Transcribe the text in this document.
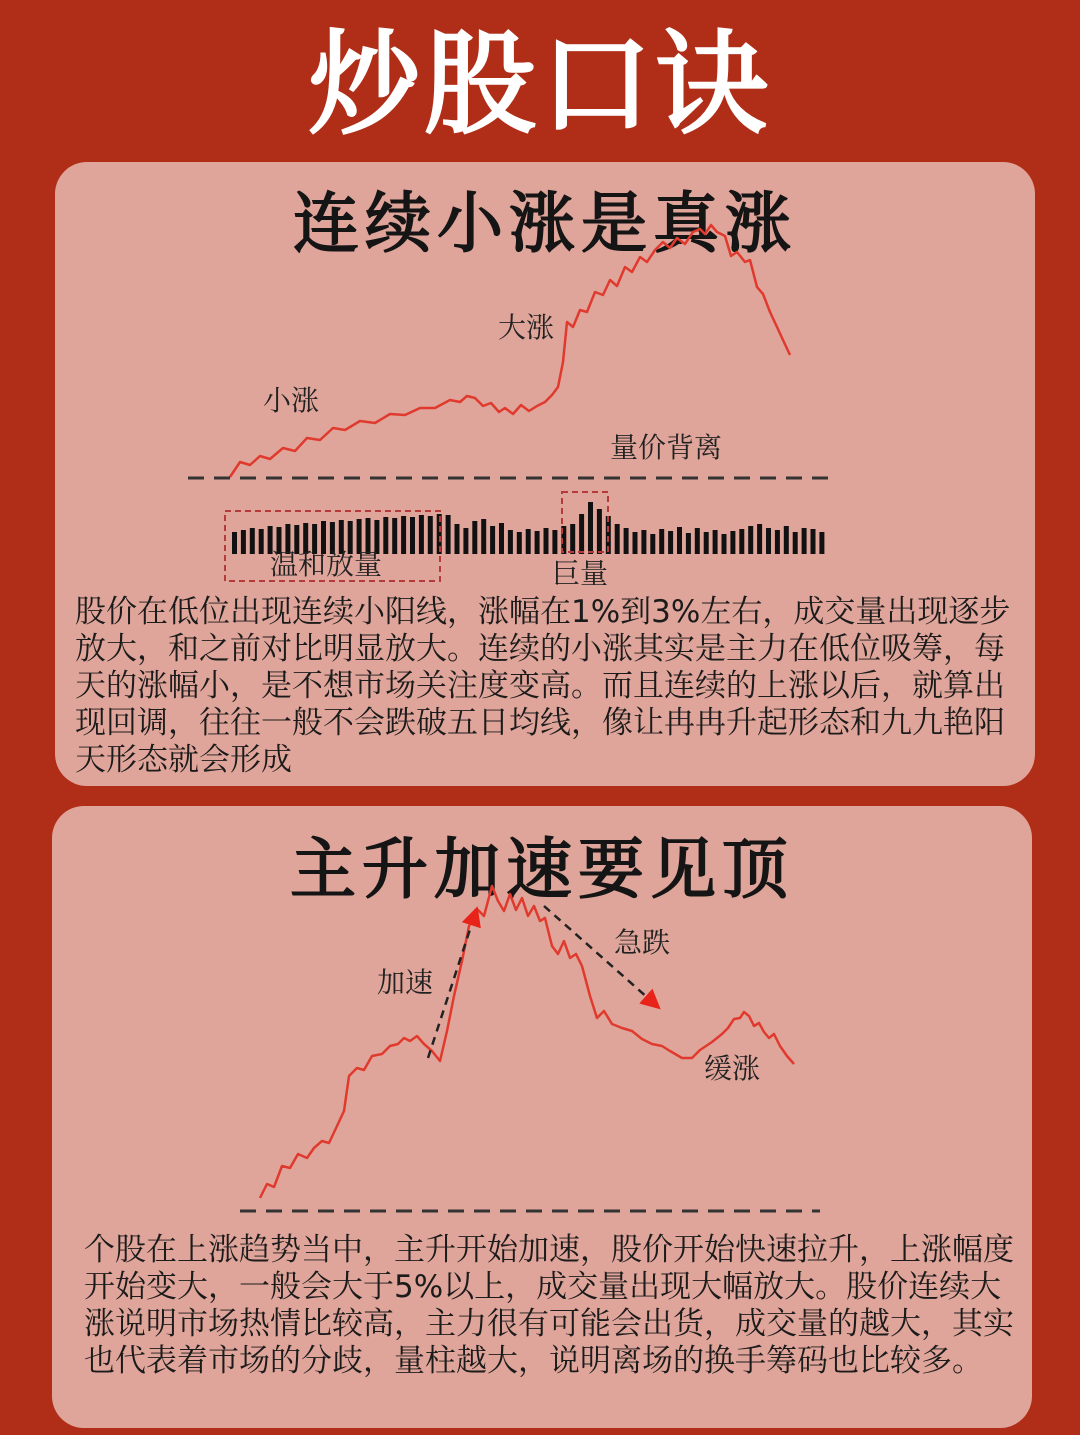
炒股口诀
连续小涨是真涨
小涨
大涨
量价背离
温和放量	巨量

股价在低位出现连续小阳线，涨幅在1%到3%左右，成交量出现逐步放大，和之前对比明显放大。连续的小涨其实是主力在低位吸筹，每天的涨幅小，是不想市场关注度变高。而且连续的上涨以后，就算出现回调，往往一般不会跌破五日均线，像让冉冉升起形态和九九艳阳天形态就会形成

主升加速要见顶
加速
急跌
缓涨

个股在上涨趋势当中，主升开始加速，股价开始快速拉升，上涨幅度开始变大，一般会大于5%以上，成交量出现大幅放大。股价连续大涨说明市场热情比较高，主力很有可能会出货，成交量的越大，其实也代表着市场的分歧，量柱越大，说明离场的换手筹码也比较多。
